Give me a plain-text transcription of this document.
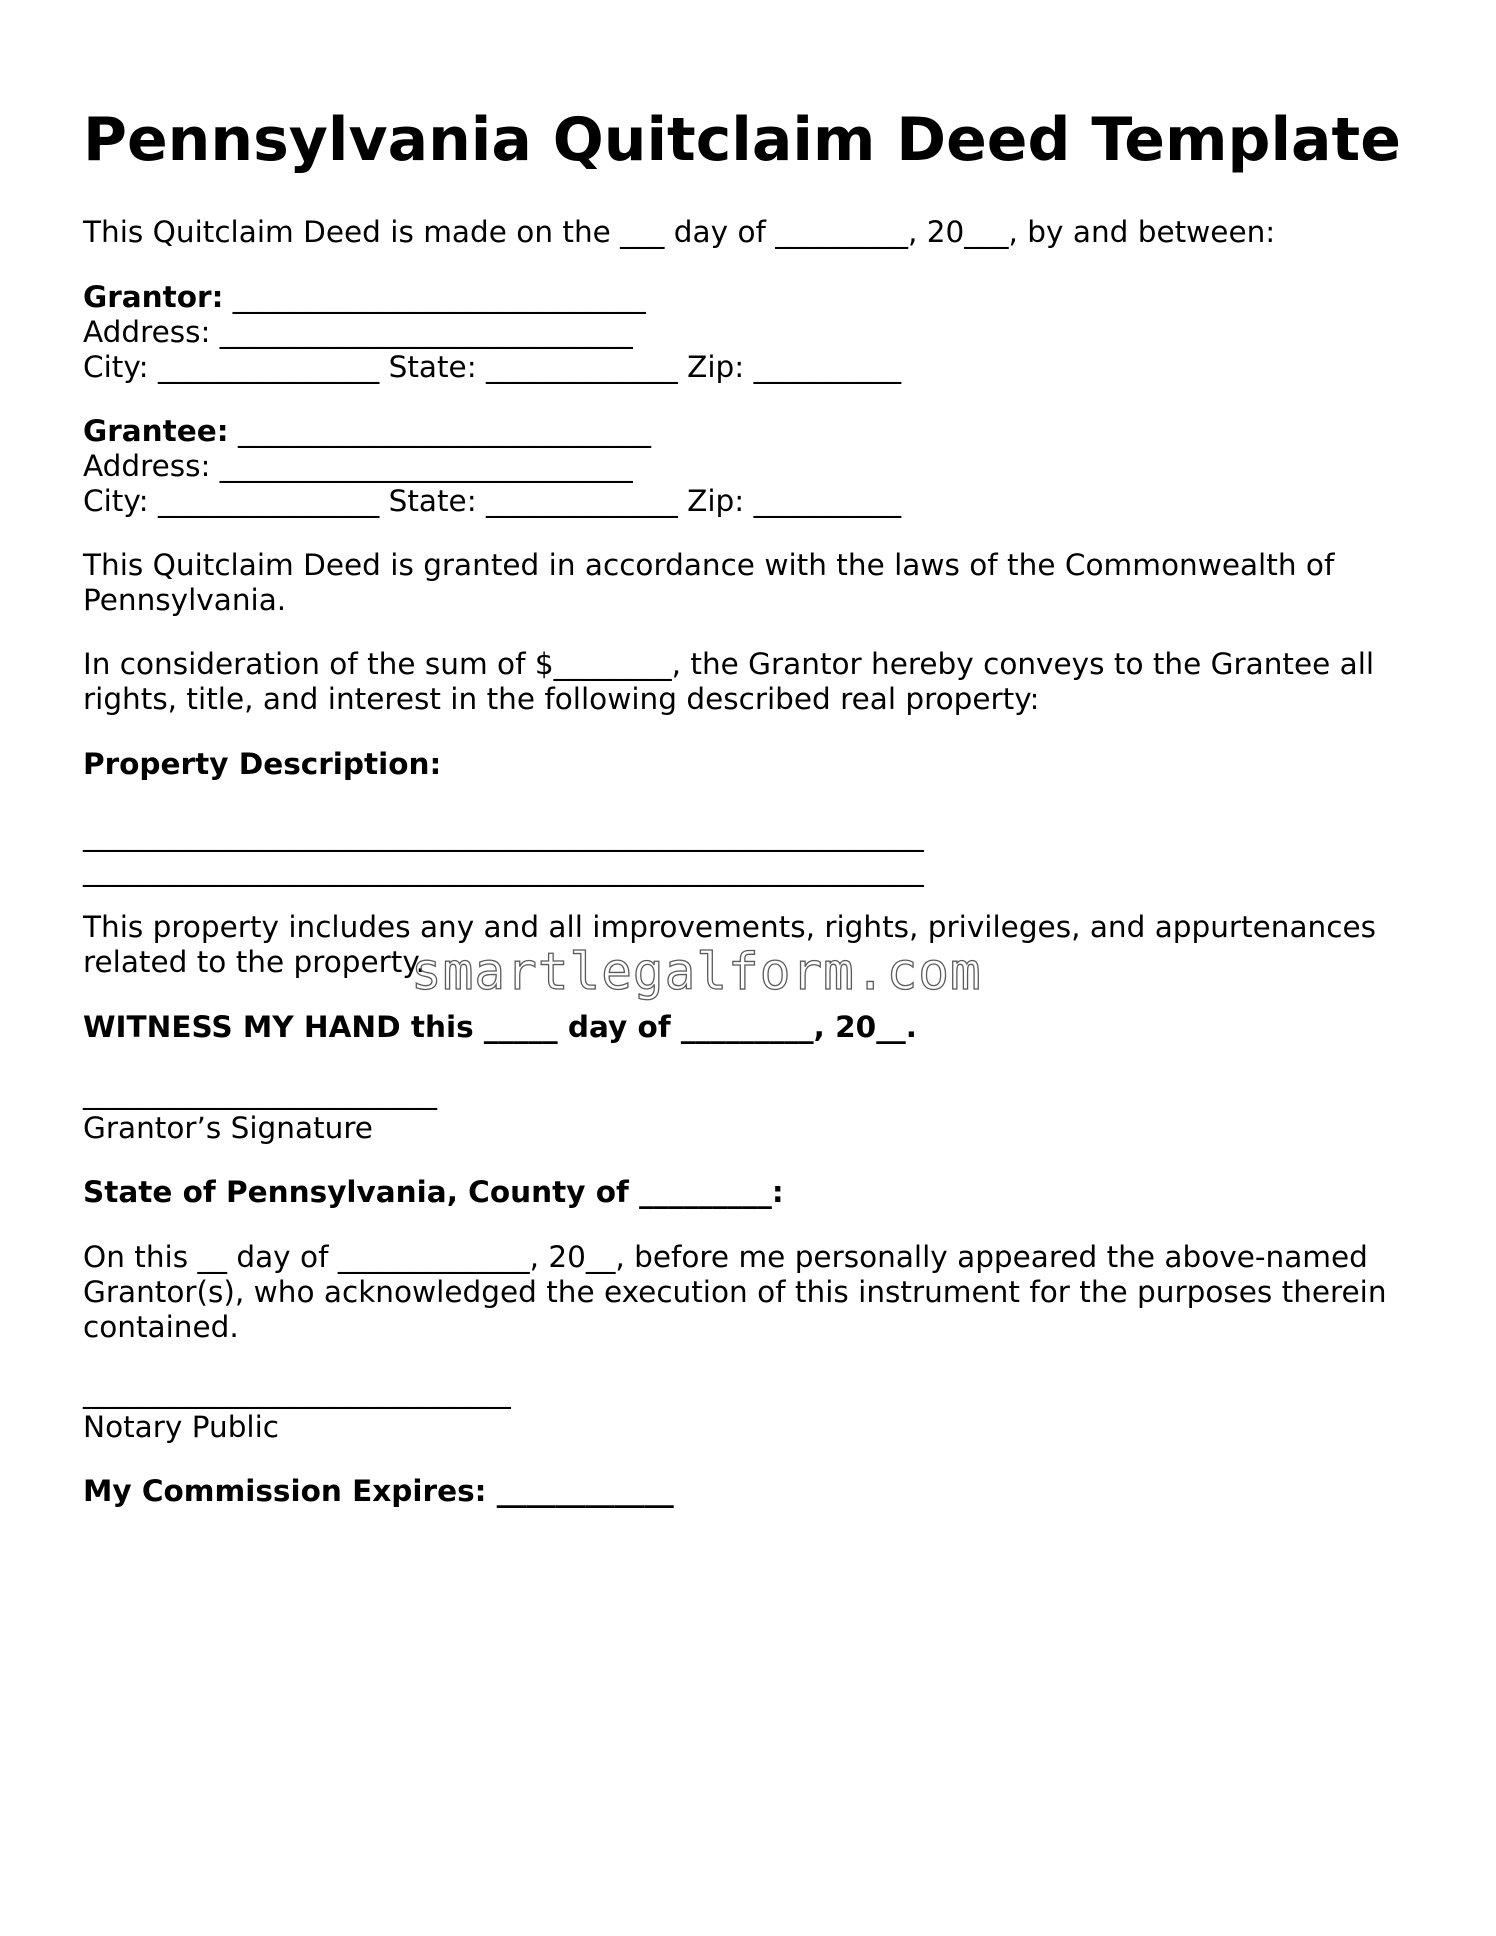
Pennsylvania Quitclaim Deed Template

This Quitclaim Deed is made on the ___ day of _________, 20___, by and between:

Grantor: ____________________________
Address: ____________________________
City: _______________ State: _____________ Zip: __________
Grantee: ____________________________
Address: ____________________________
City: _______________ State: _____________ Zip: __________

This Quitclaim Deed is granted in accordance with the laws of the Commonwealth of Pennsylvania.

In consideration of the sum of $________, the Grantor hereby conveys to the Grantee all rights, title, and interest in the following described real property:

Property Description:

_________________________________________________________
_________________________________________________________

This property includes any and all improvements, rights, privileges, and appurtenances related to the property.

WITNESS MY HAND this _____ day of _________, 20__.

________________________
Grantor’s Signature

State of Pennsylvania, County of _________:

On this __ day of _____________, 20__, before me personally appeared the above-named Grantor(s), who acknowledged the execution of this instrument for the purposes therein contained.

_____________________________
Notary Public

My Commission Expires: ____________

smartlegalform.com
